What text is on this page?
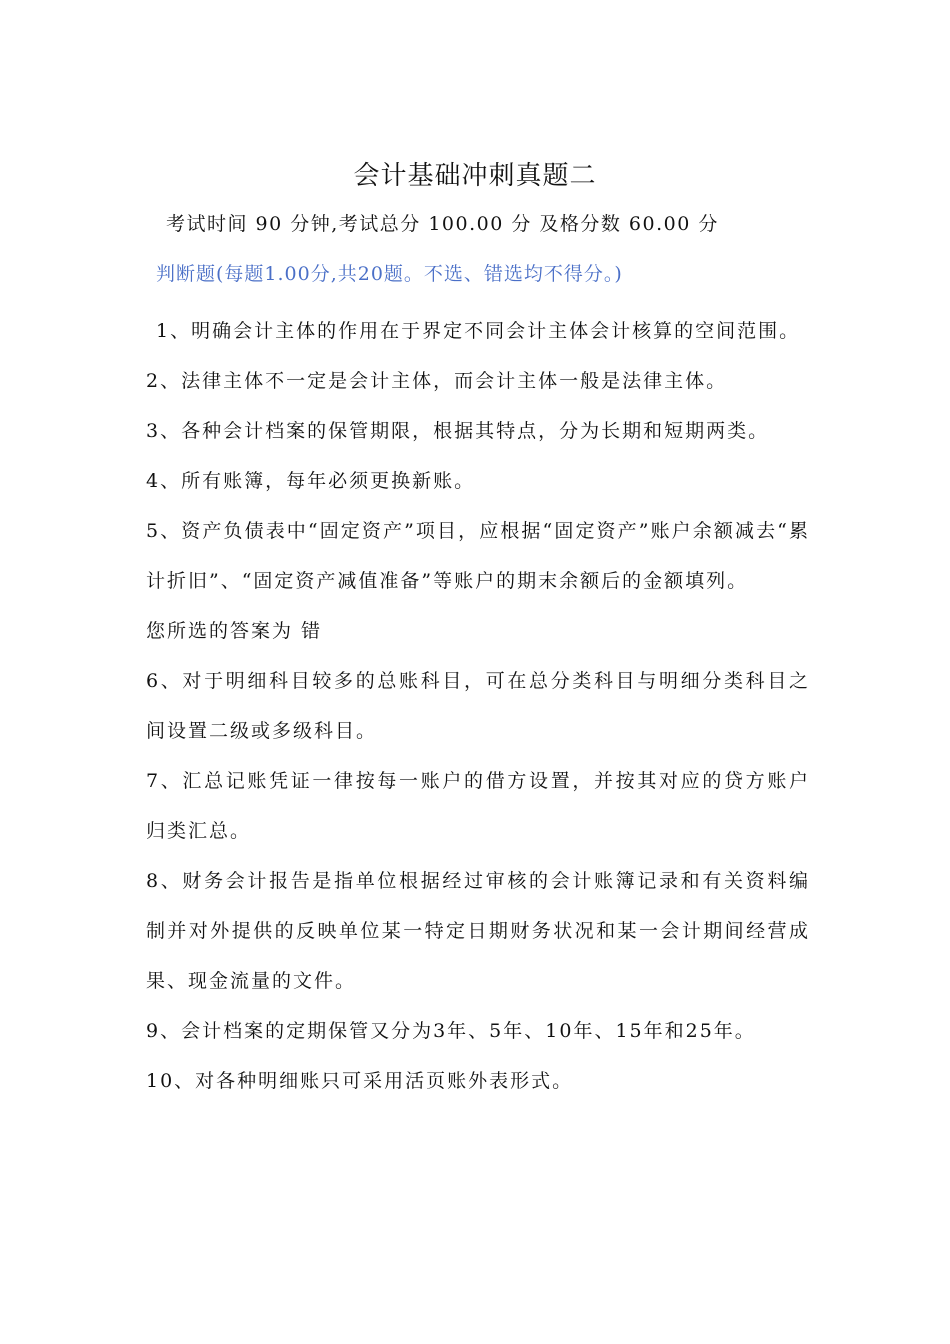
会计基础冲刺真题二
考试时间 90 分钟,考试总分 100.00 分 及格分数 60.00 分
判断题(每题1.00分,共20题。不选、错选均不得分。)

1、明确会计主体的作用在于界定不同会计主体会计核算的空间范围。

2、法律主体不一定是会计主体，而会计主体一般是法律主体。

3、各种会计档案的保管期限，根据其特点，分为长期和短期两类。

4、所有账簿，每年必须更换新账。

5、资产负债表中“固定资产”项目，应根据“固定资产”账户余额减去“累计折旧”、“固定资产减值准备”等账户的期末余额后的金额填列。

您所选的答案为 错

6、对于明细科目较多的总账科目，可在总分类科目与明细分类科目之间设置二级或多级科目。

7、汇总记账凭证一律按每一账户的借方设置，并按其对应的贷方账户归类汇总。

8、财务会计报告是指单位根据经过审核的会计账簿记录和有关资料编制并对外提供的反映单位某一特定日期财务状况和某一会计期间经营成果、现金流量的文件。

9、会计档案的定期保管又分为3年、5年、10年、15年和25年。

10、对各种明细账只可采用活页账外表形式。
